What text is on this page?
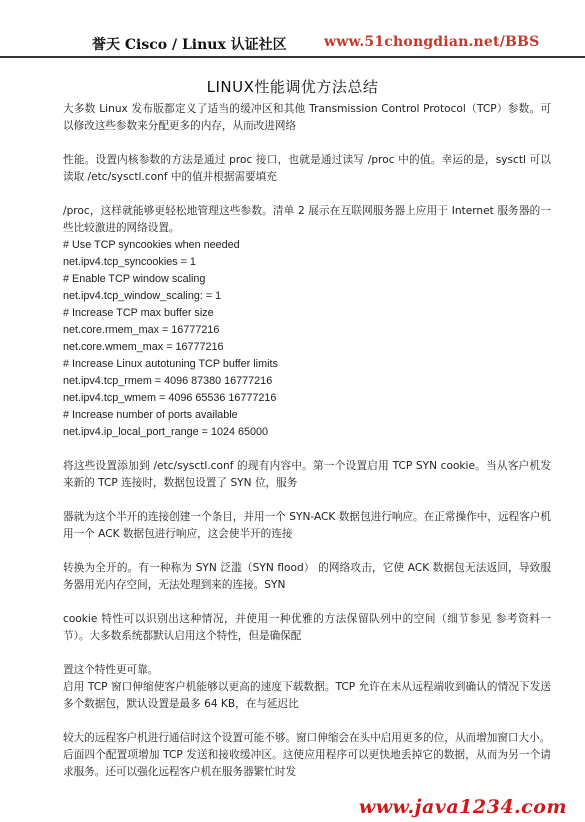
誉天 Cisco / Linux 认证社区	www.51chongdian.net/BBS
LINUX性能调优方法总结

大多数 Linux 发布版都定义了适当的缓冲区和其他 Transmission Control Protocol（TCP）参数。可以修改这些参数来分配更多的内存，从而改进网络

性能。设置内核参数的方法是通过 proc 接口，也就是通过读写 /proc 中的值。幸运的是，sysctl 可以读取 /etc/sysctl.conf 中的值并根据需要填充

/proc，这样就能够更轻松地管理这些参数。清单 2 展示在互联网服务器上应用于 Internet 服务器的一些比较激进的网络设置。

# Use TCP syncookies when needed
net.ipv4.tcp_syncookies = 1
# Enable TCP window scaling
net.ipv4.tcp_window_scaling: = 1
# Increase TCP max buffer size
net.core.rmem_max = 16777216
net.core.wmem_max = 16777216
# Increase Linux autotuning TCP buffer limits
net.ipv4.tcp_rmem = 4096 87380 16777216
net.ipv4.tcp_wmem = 4096 65536 16777216
# Increase number of ports available
net.ipv4.ip_local_port_range = 1024 65000

将这些设置添加到 /etc/sysctl.conf 的现有内容中。第一个设置启用 TCP SYN cookie。当从客户机发来新的 TCP 连接时，数据包设置了 SYN 位，服务

器就为这个半开的连接创建一个条目，并用一个 SYN-ACK 数据包进行响应。在正常操作中，远程客户机用一个 ACK 数据包进行响应，这会使半开的连接

转换为全开的。有一种称为 SYN 泛滥（SYN flood） 的网络攻击，它使 ACK 数据包无法返回，导致服务器用光内存空间，无法处理到来的连接。SYN

cookie 特性可以识别出这种情况，并使用一种优雅的方法保留队列中的空间（细节参见 参考资料一节）。大多数系统都默认启用这个特性，但是确保配

置这个特性更可靠。

启用 TCP 窗口伸缩使客户机能够以更高的速度下载数据。TCP 允许在未从远程端收到确认的情况下发送多个数据包，默认设置是最多 64 KB，在与延迟比

较大的远程客户机进行通信时这个设置可能不够。窗口伸缩会在头中启用更多的位，从而增加窗口大小。

后面四个配置项增加 TCP 发送和接收缓冲区。这使应用程序可以更快地丢掉它的数据，从而为另一个请求服务。还可以强化远程客户机在服务器繁忙时发

www.java1234.com
